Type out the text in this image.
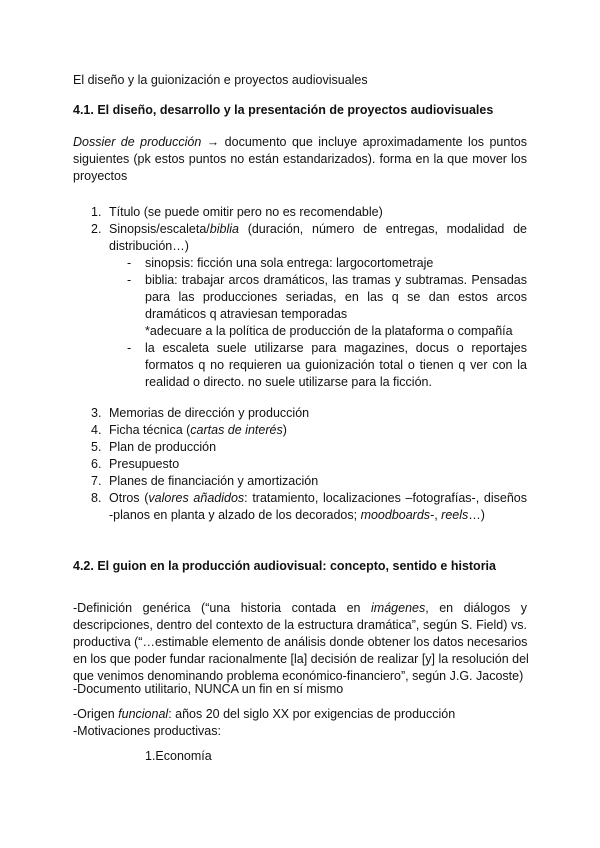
El diseño y la guionización e proyectos audiovisuales
4.1. El diseño, desarrollo y la presentación de proyectos audiovisuales
Dossier de producción → documento que incluye aproximadamente los puntos
siguientes (pk estos puntos no están estandarizados). forma en la que mover los
proyectos
1. Título (se puede omitir pero no es recomendable)
2. Sinopsis/escaleta/biblia (duración, número de entregas, modalidad de
distribución…)
- sinopsis: ficción una sola entrega: largocortometraje
- biblia: trabajar arcos dramáticos, las tramas y subtramas. Pensadas
para las producciones seriadas, en las q se dan estos arcos
dramáticos q atraviesan temporadas
*adecuare a la política de producción de la plataforma o compañía
- la escaleta suele utilizarse para magazines, docus o reportajes
formatos q no requieren ua guionización total o tienen q ver con la
realidad o directo. no suele utilizarse para la ficción.
3. Memorias de dirección y producción
4. Ficha técnica (cartas de interés)
5. Plan de producción
6. Presupuesto
7. Planes de financiación y amortización
8. Otros (valores añadidos: tratamiento, localizaciones –fotografías-, diseños
-planos en planta y alzado de los decorados; moodboards-, reels…)
4.2. El guion en la producción audiovisual: concepto, sentido e historia
-Definición genérica (“una historia contada en imágenes, en diálogos y
descripciones, dentro del contexto de la estructura dramática”, según S. Field) vs.
productiva (“…estimable elemento de análisis donde obtener los datos necesarios
en los que poder fundar racionalmente [la] decisión de realizar [y] la resolución del
que venimos denominando problema económico-financiero”, según J.G. Jacoste)
-Documento utilitario, NUNCA un fin en sí mismo
-Origen funcional: años 20 del siglo XX por exigencias de producción
-Motivaciones productivas:
1.Economía
